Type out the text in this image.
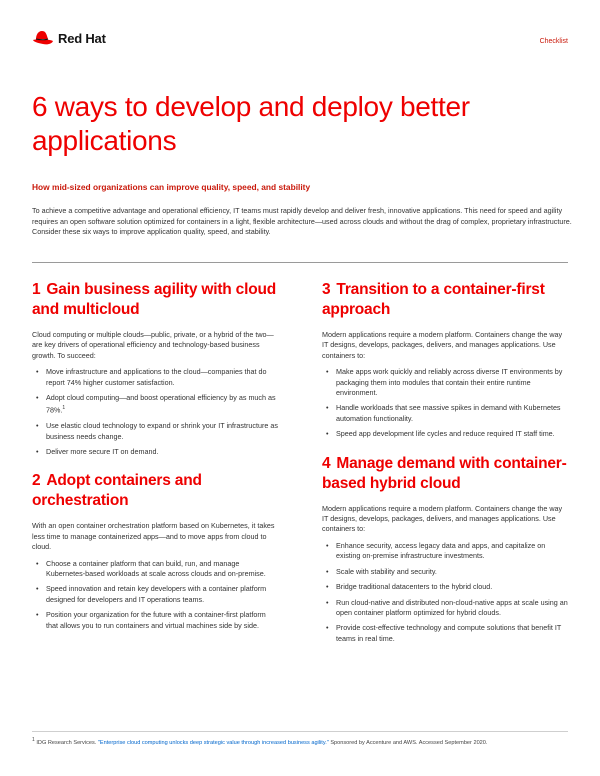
Red Hat	Checklist
6 ways to develop and deploy better applications
How mid-sized organizations can improve quality, speed, and stability

To achieve a competitive advantage and operational efficiency, IT teams must rapidly develop and deliver fresh, innovative applications. This need for speed and agility requires an open software solution optimized for containers in a light, flexible architecture—used across clouds and without the drag of complex, proprietary infrastructure. Consider these six ways to improve application quality, speed, and stability.

1 Gain business agility with cloud and multicloud

Cloud computing or multiple clouds—public, private, or a hybrid of the two—are key drivers of operational efficiency and technology-based business growth. To succeed:

• Move infrastructure and applications to the cloud—companies that do report 74% higher customer satisfaction.
• Adopt cloud computing—and boost operational efficiency by as much as 78%.$^1$
• Use elastic cloud technology to expand or shrink your IT infrastructure as business needs change.
• Deliver more secure IT on demand.
2 Adopt containers and orchestration

With an open container orchestration platform based on Kubernetes, it takes less time to manage containerized apps—and to move apps from cloud to cloud.

• Choose a container platform that can build, run, and manage Kubernetes-based workloads at scale across clouds and on-premise.
• Speed innovation and retain key developers with a container platform designed for developers and IT operations teams.
• Position your organization for the future with a container-first platform that allows you to run containers and virtual machines side by side.
3 Transition to a container-first approach

Modern applications require a modern platform. Containers change the way IT designs, develops, packages, delivers, and manages applications. Use containers to:

• Make apps work quickly and reliably across diverse IT environments by packaging them into modules that contain their entire runtime environment.
• Handle workloads that see massive spikes in demand with Kubernetes automation functionality.
• Speed app development life cycles and reduce required IT staff time.
4 Manage demand with container-based hybrid cloud

Modern applications require a modern platform. Containers change the way IT designs, develops, packages, delivers, and manages applications. Use containers to:

• Enhance security, access legacy data and apps, and capitalize on existing on-premise infrastructure investments.
• Scale with stability and security.
• Bridge traditional datacenters to the hybrid cloud.
• Run cloud-native and distributed non-cloud-native apps at scale using an open container platform optimized for hybrid clouds.
• Provide cost-effective technology and compute solutions that benefit IT teams in real time.
1 IDG Research Services. "Enterprise cloud computing unlocks deep strategic value through increased business agility." Sponsored by Accenture and AWS. Accessed September 2020.
